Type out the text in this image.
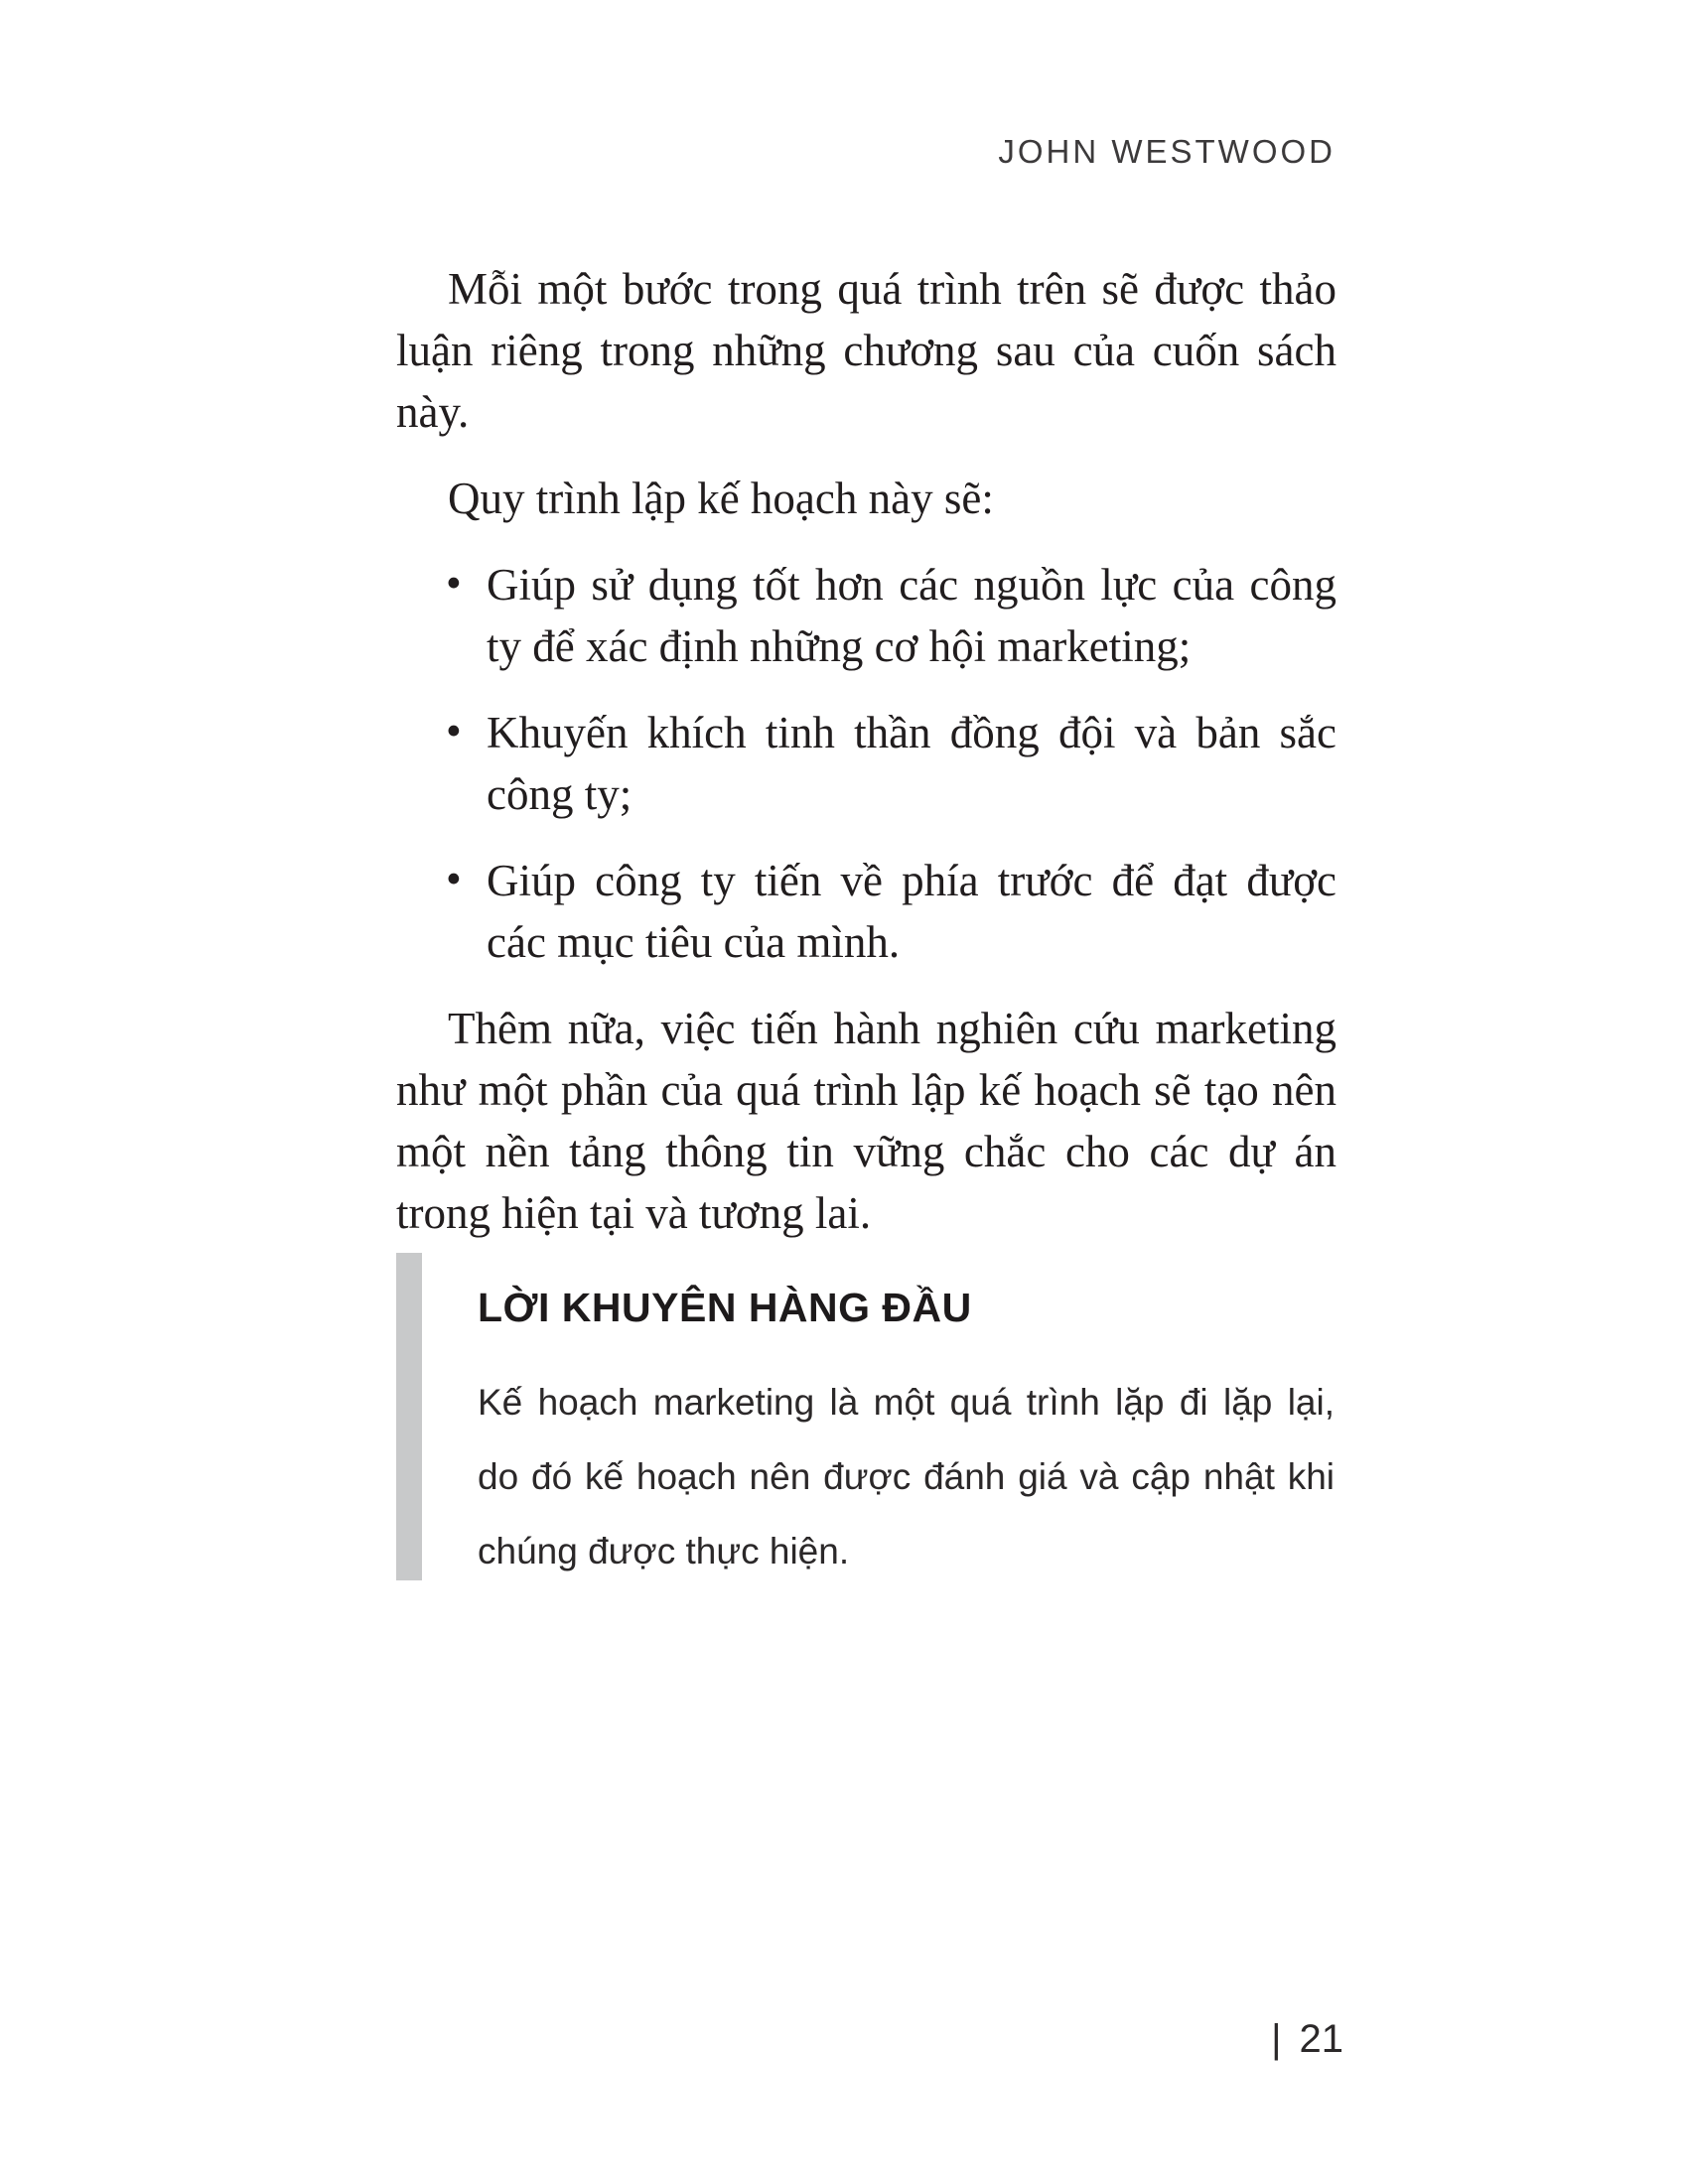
JOHN WESTWOOD

Mỗi một bước trong quá trình trên sẽ được thảo luận riêng trong những chương sau của cuốn sách này.

Quy trình lập kế hoạch này sẽ:

• Giúp sử dụng tốt hơn các nguồn lực của công ty để xác định những cơ hội marketing;
• Khuyến khích tinh thần đồng đội và bản sắc công ty;
• Giúp công ty tiến về phía trước để đạt được các mục tiêu của mình.

Thêm nữa, việc tiến hành nghiên cứu marketing như một phần của quá trình lập kế hoạch sẽ tạo nên một nền tảng thông tin vững chắc cho các dự án trong hiện tại và tương lai.

LỜI KHUYÊN HÀNG ĐẦU
Kế hoạch marketing là một quá trình lặp đi lặp lại, do đó kế hoạch nên được đánh giá và cập nhật khi chúng được thực hiện.
| 21
